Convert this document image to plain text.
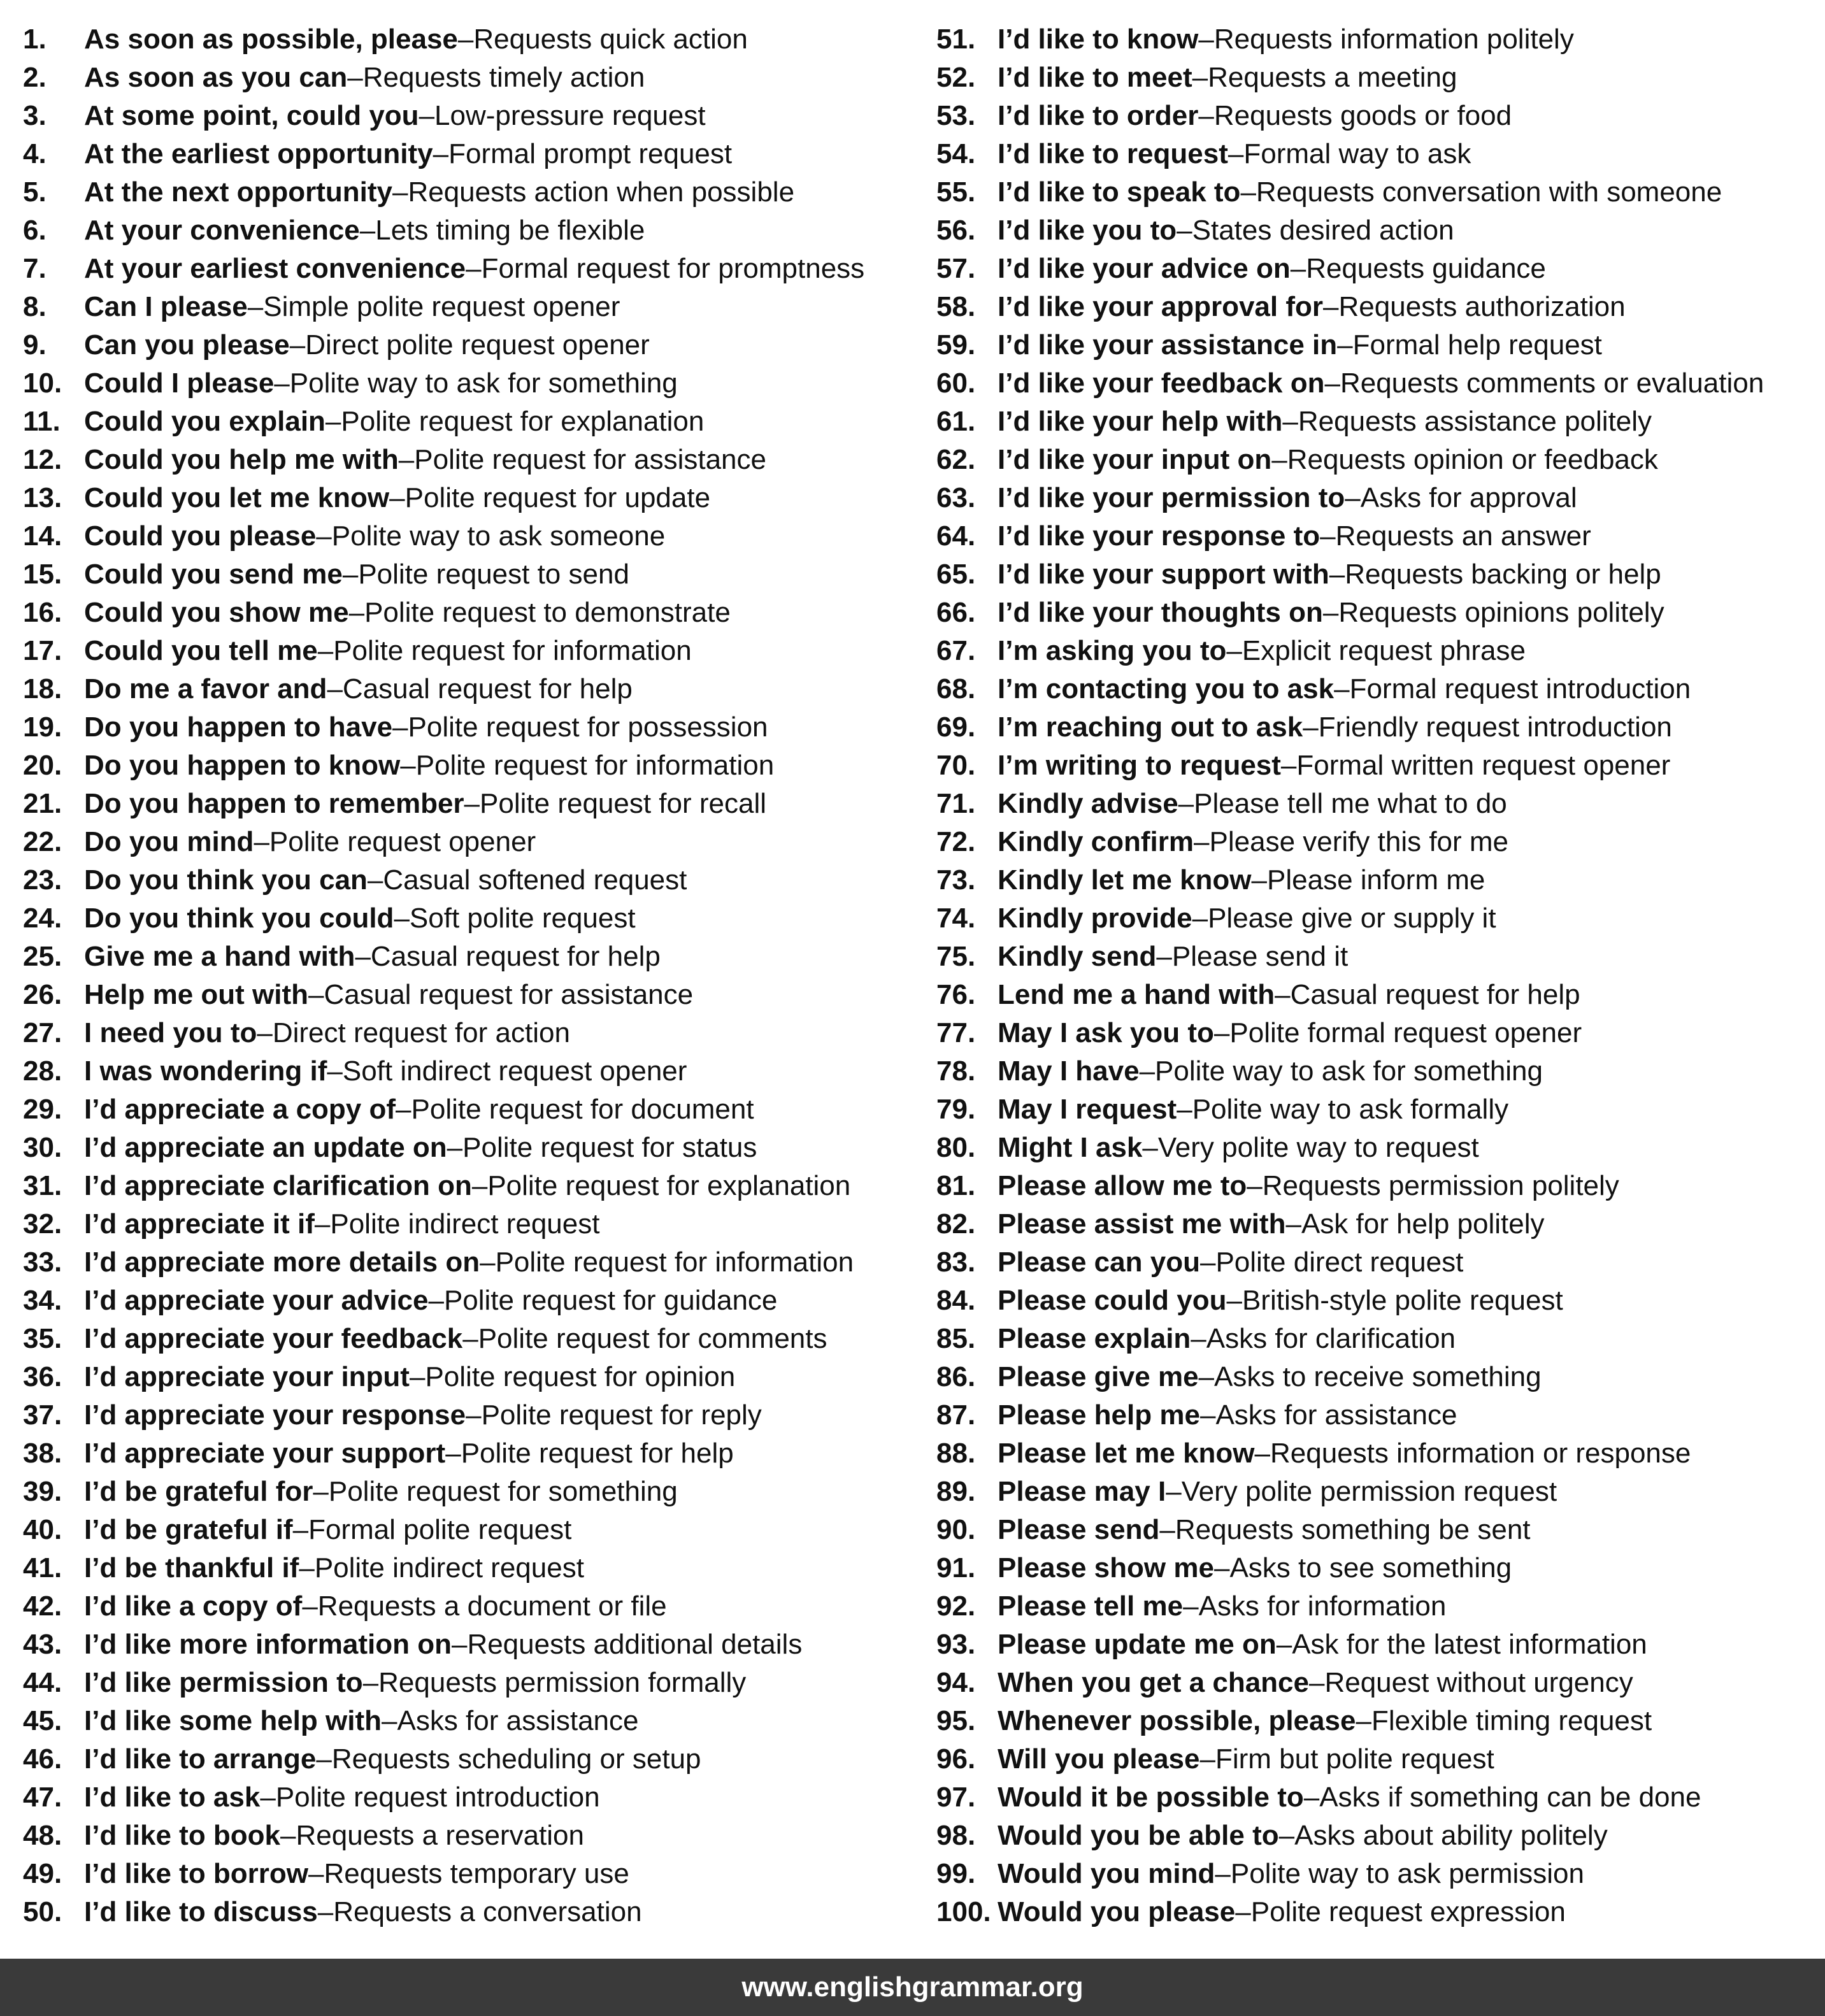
1.	As soon as possible, please – Requests quick action
2.	As soon as you can – Requests timely action
3.	At some point, could you – Low-pressure request
4.	At the earliest opportunity – Formal prompt request
5.	At the next opportunity – Requests action when possible
6.	At your convenience – Lets timing be flexible
7.	At your earliest convenience – Formal request for promptness
8.	Can I please – Simple polite request opener
9.	Can you please – Direct polite request opener
10. Could I please – Polite way to ask for something
11. Could you explain – Polite request for explanation
12. Could you help me with – Polite request for assistance
13. Could you let me know – Polite request for update
14. Could you please – Polite way to ask someone
15. Could you send me – Polite request to send
16. Could you show me – Polite request to demonstrate
17. Could you tell me – Polite request for information
18. Do me a favor and – Casual request for help
19. Do you happen to have – Polite request for possession
20. Do you happen to know – Polite request for information
21. Do you happen to remember – Polite request for recall
22. Do you mind – Polite request opener
23. Do you think you can – Casual softened request
24. Do you think you could – Soft polite request
25. Give me a hand with – Casual request for help
26. Help me out with – Casual request for assistance
27. I need you to – Direct request for action
28. I was wondering if – Soft indirect request opener
29. I’d appreciate a copy of – Polite request for document
30. I’d appreciate an update on – Polite request for status
31. I’d appreciate clarification on – Polite request for explanation
32. I’d appreciate it if – Polite indirect request
33. I’d appreciate more details on – Polite request for information
34. I’d appreciate your advice – Polite request for guidance
35. I’d appreciate your feedback – Polite request for comments
36. I’d appreciate your input – Polite request for opinion
37. I’d appreciate your response – Polite request for reply
38. I’d appreciate your support – Polite request for help
39. I’d be grateful for – Polite request for something
40. I’d be grateful if – Formal polite request
41. I’d be thankful if – Polite indirect request
42. I’d like a copy of – Requests a document or file
43. I’d like more information on – Requests additional details
44. I’d like permission to – Requests permission formally
45. I’d like some help with – Asks for assistance
46. I’d like to arrange – Requests scheduling or setup
47. I’d like to ask – Polite request introduction
48. I’d like to book – Requests a reservation
49. I’d like to borrow – Requests temporary use
50. I’d like to discuss – Requests a conversation
51. I’d like to know – Requests information politely
52. I’d like to meet – Requests a meeting
53. I’d like to order – Requests goods or food
54. I’d like to request – Formal way to ask
55. I’d like to speak to – Requests conversation with someone
56. I’d like you to – States desired action
57. I’d like your advice on – Requests guidance
58. I’d like your approval for – Requests authorization
59. I’d like your assistance in – Formal help request
60. I’d like your feedback on – Requests comments or evaluation
61. I’d like your help with – Requests assistance politely
62. I’d like your input on – Requests opinion or feedback
63. I’d like your permission to – Asks for approval
64. I’d like your response to – Requests an answer
65. I’d like your support with – Requests backing or help
66. I’d like your thoughts on – Requests opinions politely
67. I’m asking you to – Explicit request phrase
68. I’m contacting you to ask – Formal request introduction
69. I’m reaching out to ask – Friendly request introduction
70. I’m writing to request – Formal written request opener
71. Kindly advise – Please tell me what to do
72. Kindly confirm – Please verify this for me
73. Kindly let me know – Please inform me
74. Kindly provide – Please give or supply it
75. Kindly send – Please send it
76. Lend me a hand with – Casual request for help
77. May I ask you to – Polite formal request opener
78. May I have – Polite way to ask for something
79. May I request – Polite way to ask formally
80. Might I ask – Very polite way to request
81. Please allow me to – Requests permission politely
82. Please assist me with – Ask for help politely
83. Please can you – Polite direct request
84. Please could you – British-style polite request
85. Please explain – Asks for clarification
86. Please give me – Asks to receive something
87. Please help me – Asks for assistance
88. Please let me know – Requests information or response
89. Please may I – Very polite permission request
90. Please send – Requests something be sent
91. Please show me – Asks to see something
92. Please tell me – Asks for information
93. Please update me on – Ask for the latest information
94. When you get a chance – Request without urgency
95. Whenever possible, please – Flexible timing request
96. Will you please – Firm but polite request
97. Would it be possible to – Asks if something can be done
98. Would you be able to – Asks about ability politely
99. Would you mind – Polite way to ask permission
100. Would you please – Polite request expression
www.englishgrammar.org
